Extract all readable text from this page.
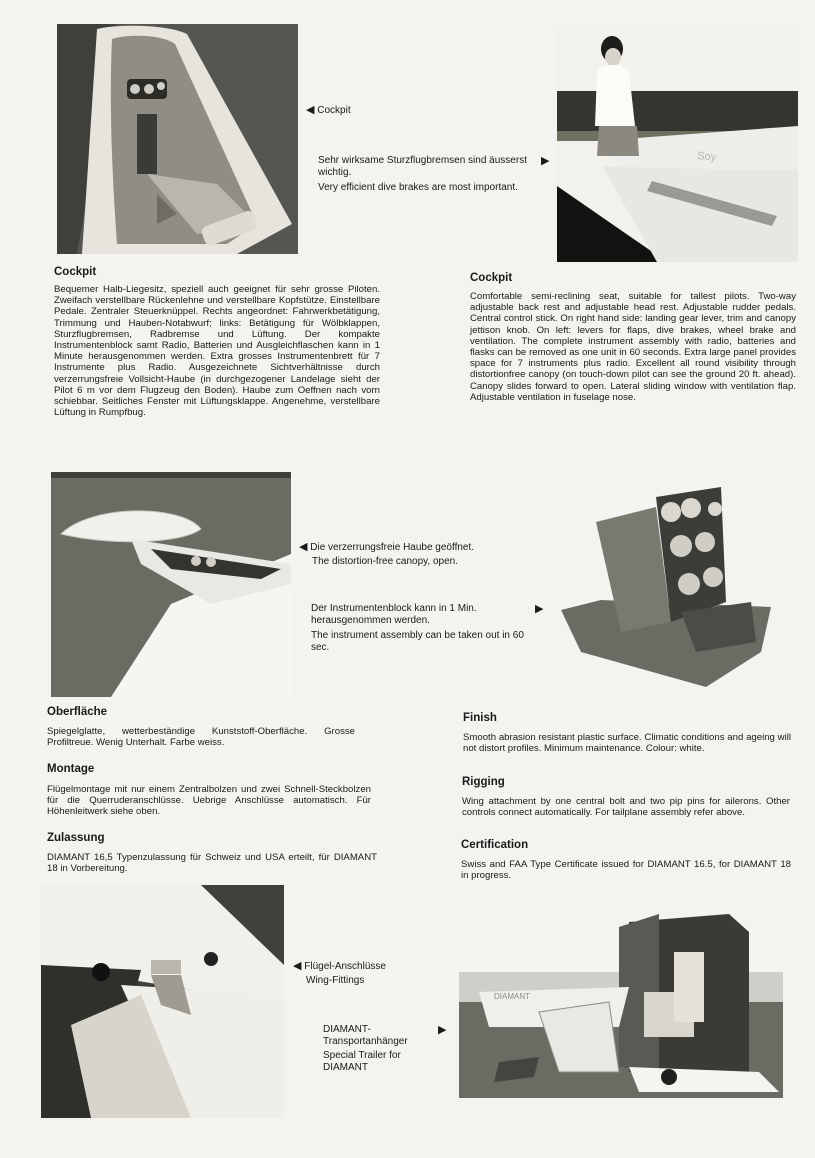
◀ Cockpit

Sehr wirksame Sturzflugbremsen sind äusserst wichtig.

Very efficient dive brakes are most important.

▶	Soy
Cockpit

Bequemer Halb-Liegesitz, speziell auch geeignet für sehr grosse Piloten. Zweifach verstellbare Rückenlehne und verstellbare Kopfstütze. Einstellbare Pedale. Zentraler Steuerknüppel. Rechts angeordnet: Fahrwerkbetätigung, Trimmung und Hauben-Notabwurf; links: Betätigung für Wölbklappen, Sturzflugbremsen, Radbremse und Lüftung. Der kompakte Instrumentenblock samt Radio, Batterien und Ausgleichflaschen kann in 1 Minute herausgenommen werden. Extra grosses Instrumentenbrett für 7 Instrumente plus Radio. Ausgezeichnete Sichtverhältnisse durch verzerrungsfreie Vollsicht-Haube (in durchgezogener Landelage sieht der Pilot 6 m vor dem Flugzeug den Boden). Haube zum Oeffnen nach vorn schiebbar. Seitliches Fenster mit Lüftungsklappe. Angenehme, verstellbare Lüftung in Rumpfbug.

Cockpit

Comfortable semi-reclining seat, suitable for tallest pilots. Two-way adjustable back rest and adjustable head rest. Adjustable rudder pedals. Central control stick. On right hand side: landing gear lever, trim and canopy jettison knob. On left: levers for flaps, dive brakes, wheel brake and ventilation. The complete instrument assembly with radio, batteries and flasks can be removed as one unit in 60 seconds. Extra large panel provides space for 7 instruments plus radio. Excellent all round visibility through distortionfree canopy (on touch-down pilot can see the ground 20 ft. ahead). Canopy slides forward to open. Lateral sliding window with ventilation flap. Adjustable ventilation in fuselage nose.

◀ Die verzerrungsfreie Haube geöffnet.

The distortion-free canopy, open.

Der Instrumentenblock kann in 1 Min. herausgenommen werden.

The instrument assembly can be taken out in 60 sec.

▶
Oberfläche

Spiegelglatte, wetterbeständige Kunststoff-Oberfläche. Grosse Profiltreue. Wenig Unterhalt. Farbe weiss.

Montage

Flügelmontage mit nur einem Zentralbolzen und zwei Schnell-Steckbolzen für die Querruderanschlüsse. Uebrige Anschlüsse automatisch. Für Höhenleitwerk siehe oben.

Zulassung

DIAMANT 16,5 Typenzulassung für Schweiz und USA erteilt, für DIAMANT 18 in Vorbereitung.

Finish

Smooth abrasion resistant plastic surface. Climatic conditions and ageing will not distort profiles. Minimum maintenance. Colour: white.

Rigging

Wing attachment by one central bolt and two pip pins for ailerons. Other controls connect automatically. For tailplane assembly refer above.

Certification

Swiss and FAA Type Certificate issued for DIAMANT 16.5, for DIAMANT 18 in progress.

◀ Flügel-Anschlüsse

Wing-Fittings

DIAMANT-Transportanhänger

Special Trailer for DIAMANT

▶
DIAMANT
